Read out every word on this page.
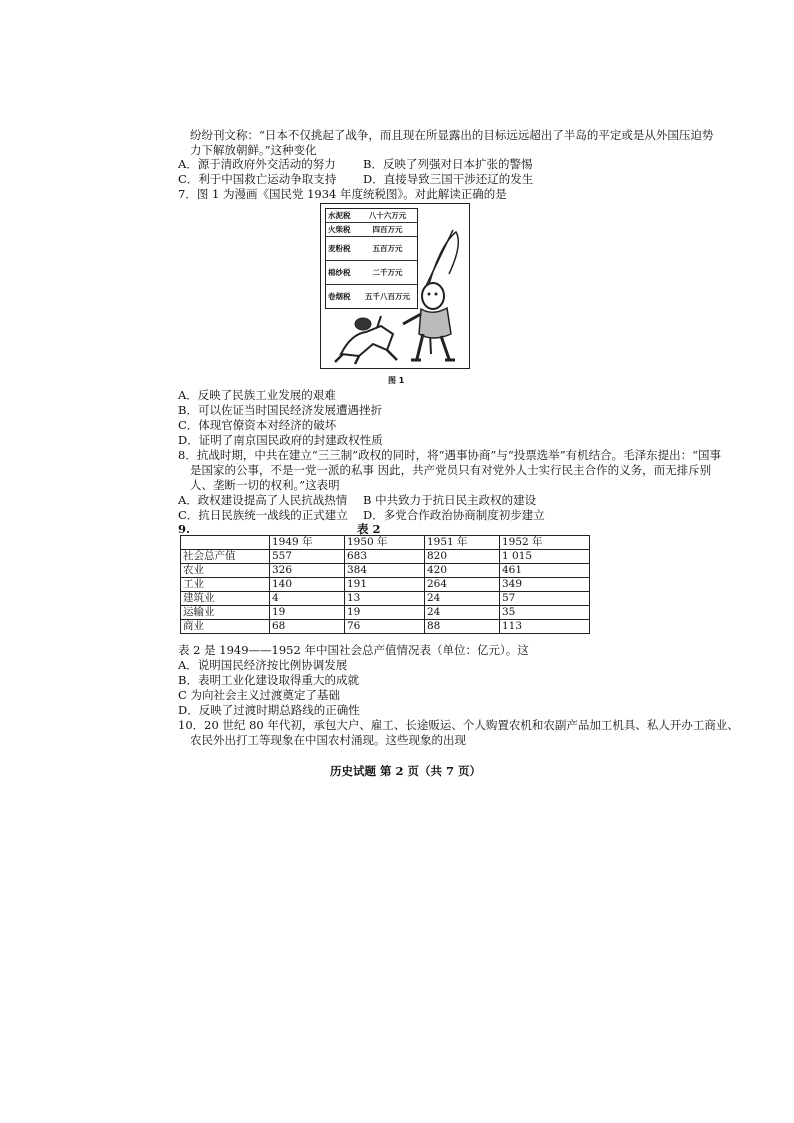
纷纷刊文称：“日本不仅挑起了战争，而且现在所显露出的目标远远超出了半岛的平定或是从外国压迫势
力下解放朝鲜。”这种变化
A．源于清政府外交活动的努力 B．反映了列强对日本扩张的警惕
C．利于中国救亡运动争取支持 D．直接导致三国干涉还辽的发生
7．图 1 为漫画《国民党 1934 年度统税图》。对此解读正确的是
水泥税	八十六万元
火柴税	四百万元
麦粉税	五百万元
棉纱税	二千万元
卷烟税	五千八百万元
图 1
A．反映了民族工业发展的艰难
B．可以佐证当时国民经济发展遭遇挫折
C．体现官僚资本对经济的破坏
D．证明了南京国民政府的封建政权性质
8．抗战时期，中共在建立“三三制”政权的同时，将“遇事协商”与“投票选举”有机结合。毛泽东提出：“国事
是国家的公事，不是一党一派的私事 因此，共产党员只有对党外人士实行民主合作的义务，而无排斥别
人、垄断一切的权利。”这表明
A．政权建设提高了人民抗战热情 B 中共致力于抗日民主政权的建设
C．抗日民族统一战线的正式建立 D．多党合作政治协商制度初步建立
9.	表 2
	1949 年	1950 年	1951 年	1952 年
社会总产值	557	683	820	1 015
农业	326	384	420	461
工业	140	191	264	349
建筑业	4	13	24	57
运输业	19	19	24	35
商业	68	76	88	113
表 2 是 1949——1952 年中国社会总产值情况表（单位：亿元）。这
A．说明国民经济按比例协调发展
B．表明工业化建设取得重大的成就
C 为向社会主义过渡奠定了基础
D．反映了过渡时期总路线的正确性
10．20 世纪 80 年代初，承包大户、雇工、长途贩运、个人购置农机和农副产品加工机具、私人开办工商业、
农民外出打工等现象在中国农村涌现。这些现象的出现
历史试题 第 2 页（共 7 页）
